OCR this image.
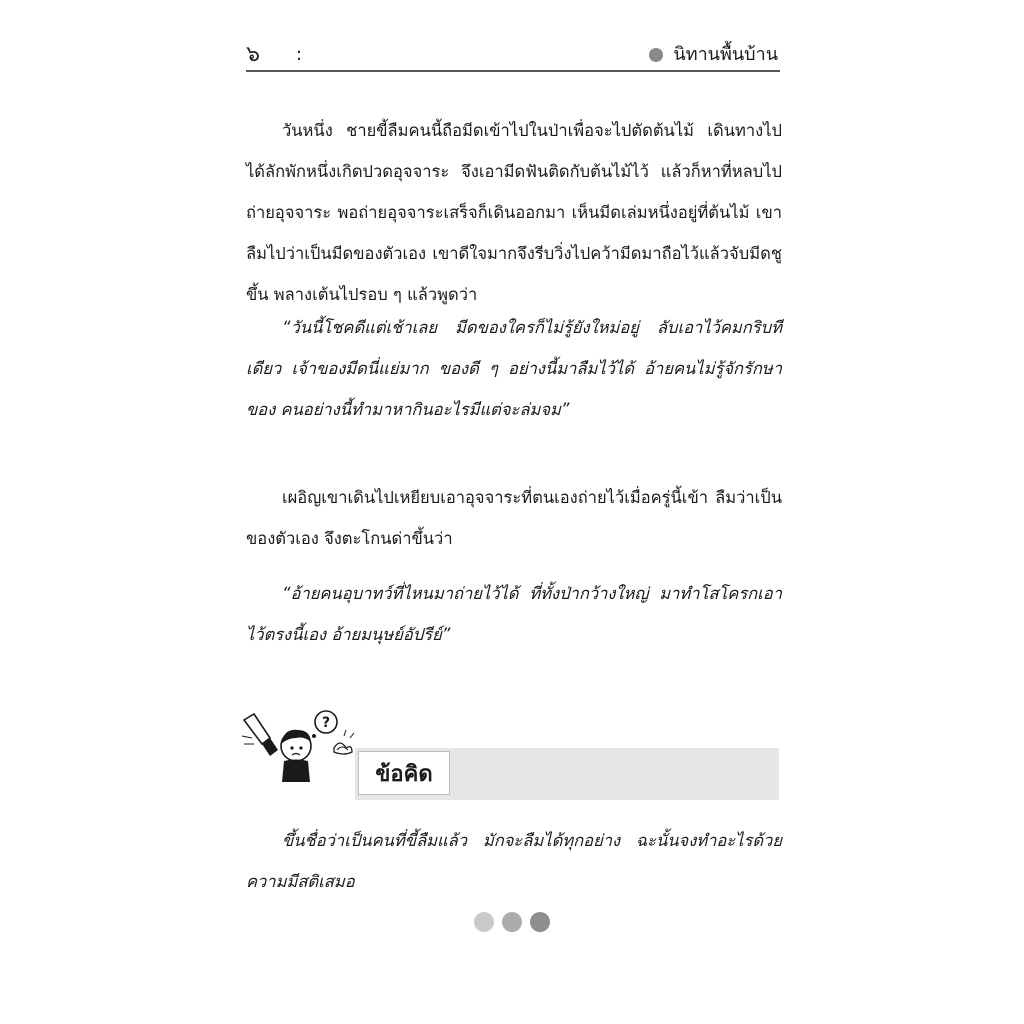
๖ :	นิทานพื้นบ้าน

วันหนึ่ง ชายขี้ลืมคนนี้ถือมีดเข้าไปในป่าเพื่อจะไปตัดต้นไม้ เดินทางไปได้ลักพักหนึ่งเกิดปวดอุจจาระ จึงเอามีดฟันติดกับต้นไม้ไว้ แล้วก็หาที่หลบไปถ่ายอุจจาระ พอถ่ายอุจจาระเสร็จก็เดินออกมา เห็นมีดเล่มหนึ่งอยู่ที่ต้นไม้ เขาลืมไปว่าเป็นมีดของตัวเอง เขาดีใจมากจึงรีบวิ่งไปคว้ามีดมาถือไว้แล้วจับมีดชูขึ้น พลางเต้นไปรอบ ๆ แล้วพูดว่า

“วันนี้โชคดีแต่เช้าเลย มีดของใครก็ไม่รู้ยังใหม่อยู่ ลับเอาไว้คมกริบทีเดียว เจ้าของมีดนี่แย่มาก ของดี ๆ อย่างนี้มาลืมไว้ได้ อ้ายคนไม่รู้จักรักษาของ คนอย่างนี้ทำมาหากินอะไรมีแต่จะล่มจม”

เผอิญเขาเดินไปเหยียบเอาอุจจาระที่ตนเองถ่ายไว้เมื่อครู่นี้เข้า ลืมว่าเป็นของตัวเอง จึงตะโกนด่าขึ้นว่า

“อ้ายคนอุบาทว์ที่ไหนมาถ่ายไว้ได้ ที่ทั้งป่ากว้างใหญ่ มาทำโสโครกเอาไว้ตรงนี้เอง อ้ายมนุษย์อัปรีย์”

?
ข้อคิด

ขึ้นชื่อว่าเป็นคนที่ขี้ลืมแล้ว มักจะลืมได้ทุกอย่าง ฉะนั้นจงทำอะไรด้วยความมีสติเสมอ
